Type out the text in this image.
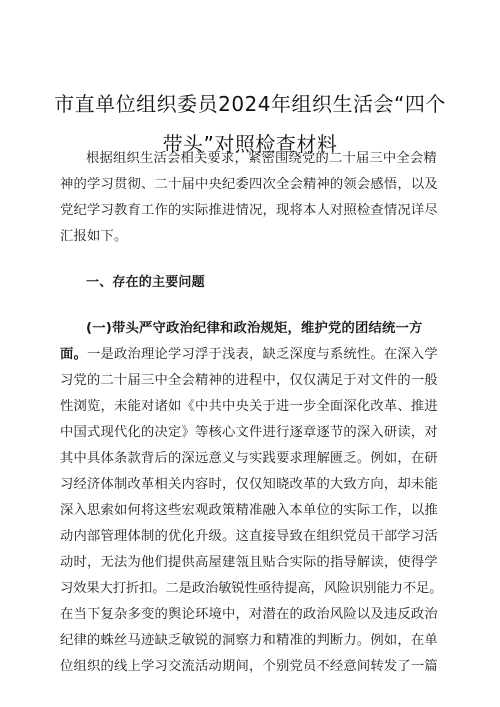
市直单位组织委员2024年组织生活会“四个
带头”对照检查材料

根据组织生活会相关要求，紧密围绕党的二十届三中全会精
神的学习贯彻、二十届中央纪委四次全会精神的领会感悟，以及
党纪学习教育工作的实际推进情况，现将本人对照检查情况详尽
汇报如下。

一、存在的主要问题

(一)带头严守政治纪律和政治规矩，维护党的团结统一方
面。一是政治理论学习浮于浅表，缺乏深度与系统性。在深入学
习党的二十届三中全会精神的进程中，仅仅满足于对文件的一般
性浏览，未能对诸如《中共中央关于进一步全面深化改革、推进
中国式现代化的决定》等核心文件进行逐章逐节的深入研读，对
其中具体条款背后的深远意义与实践要求理解匮乏。例如，在研
习经济体制改革相关内容时，仅仅知晓改革的大致方向，却未能
深入思索如何将这些宏观政策精准融入本单位的实际工作，以推
动内部管理体制的优化升级。这直接导致在组织党员干部学习活
动时，无法为他们提供高屋建瓴且贴合实际的指导解读，使得学
习效果大打折扣。二是政治敏锐性亟待提高，风险识别能力不足。
在当下复杂多变的舆论环境中，对潜在的政治风险以及违反政治
纪律的蛛丝马迹缺乏敏锐的洞察力和精准的判断力。例如，在单
位组织的线上学习交流活动期间，个别党员不经意间转发了一篇
